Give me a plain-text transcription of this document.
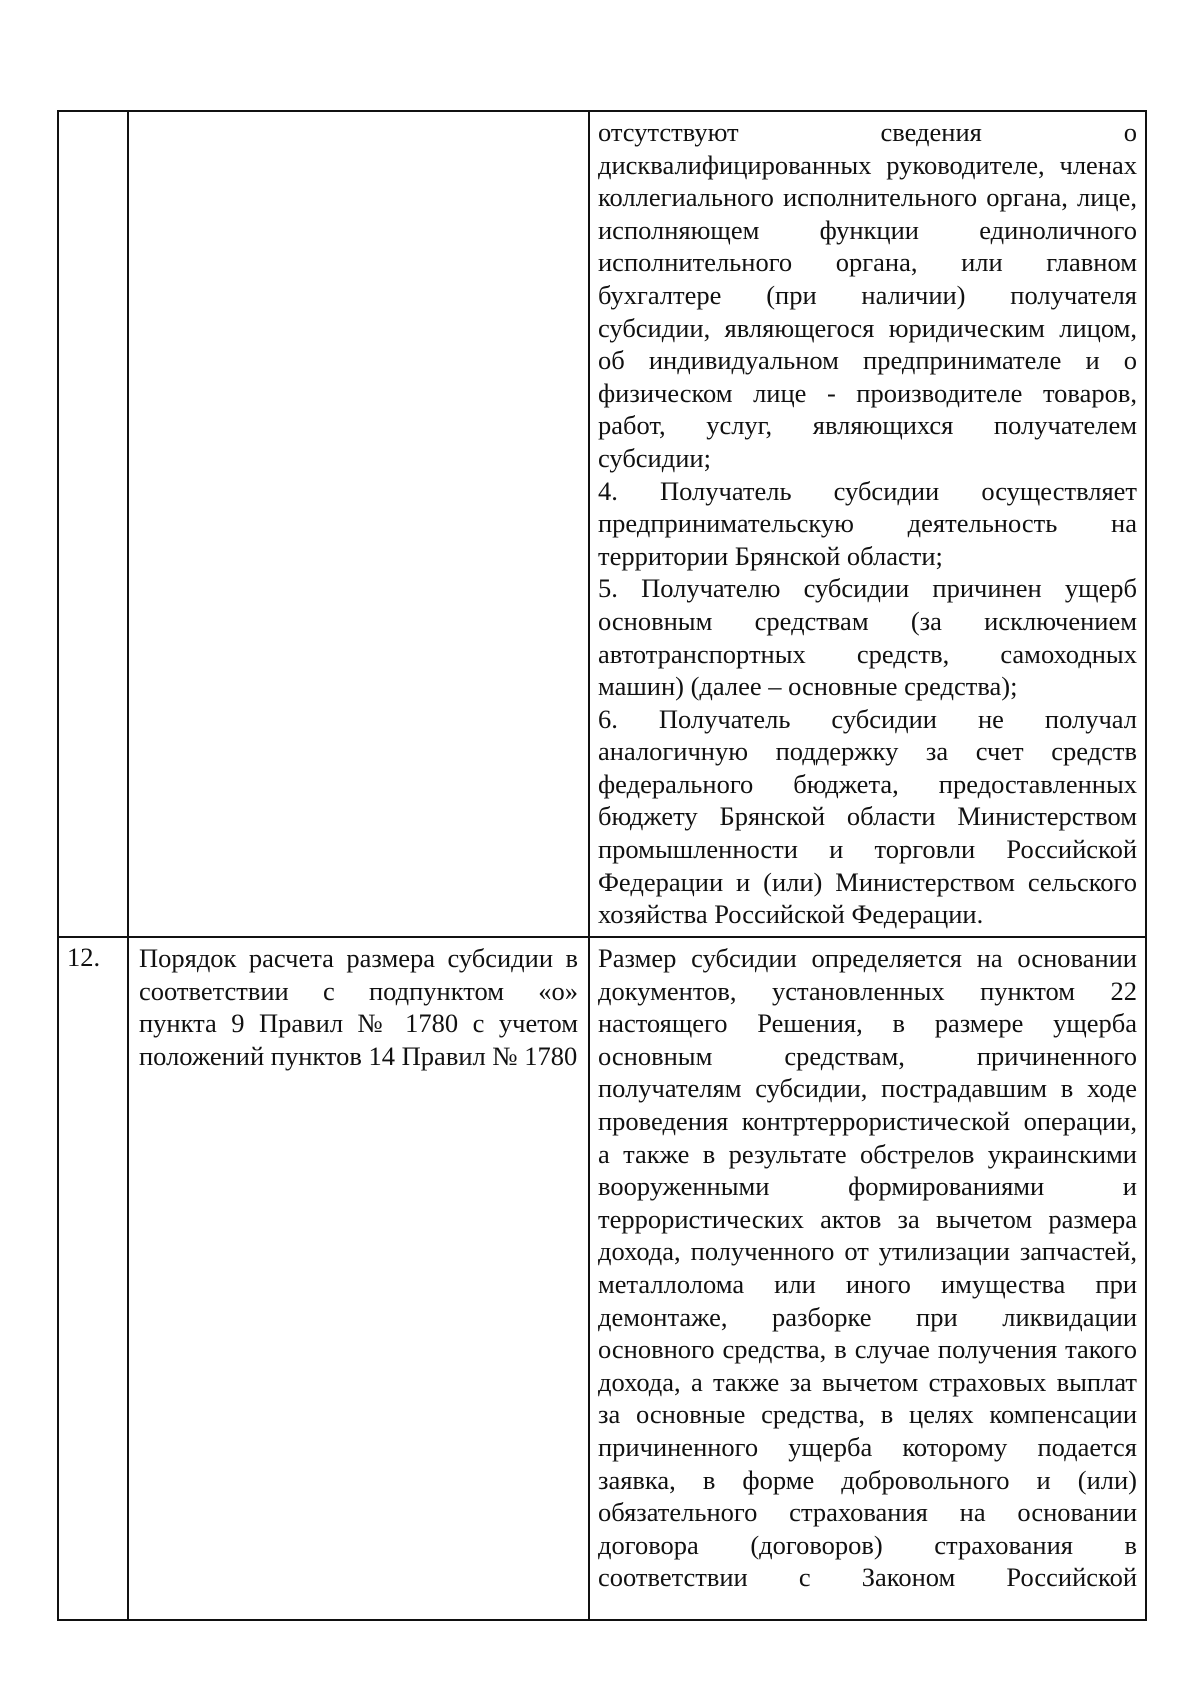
		отсутствуют сведения о дисквалифицированных руководителе, членах коллегиального исполнительного органа, лице, исполняющем функции единоличного исполнительного органа, или главном бухгалтере (при наличии) получателя субсидии, являющегося юридическим лицом, об индивидуальном предпринимателе и о физическом лице - производителе товаров, работ, услуг, являющихся получателем субсидии;

4. Получатель субсидии осуществляет предпринимательскую деятельность на территории Брянской области;

5. Получателю субсидии причинен ущерб основным средствам (за исключением автотранспортных средств, самоходных машин) (далее – основные средства);

6. Получатель субсидии не получал аналогичную поддержку за счет средств федерального бюджета, предоставленных бюджету Брянской области Министерством промышленности и торговли Российской Федерации и (или) Министерством сельского хозяйства Российской Федерации.

12.	Порядок расчета размера субсидии в соответствии с подпунктом «о» пункта 9 Правил № 1780 с учетом положений пунктов 14 Правил № 1780	Размер субсидии определяется на основании документов, установленных пунктом 22 настоящего Решения, в размере ущерба основным средствам, причиненного получателям субсидии, пострадавшим в ходе проведения контртеррористической операции, а также в результате обстрелов украинскими вооруженными формированиями и террористических актов за вычетом размера дохода, полученного от утилизации запчастей, металлолома или иного имущества при демонтаже, разборке при ликвидации основного средства, в случае получения такого дохода, а также за вычетом страховых выплат за основные средства, в целях компенсации причиненного ущерба которому подается заявка, в форме добровольного и (или) обязательного страхования на основании договора (договоров) страхования в соответствии с Законом Российской
